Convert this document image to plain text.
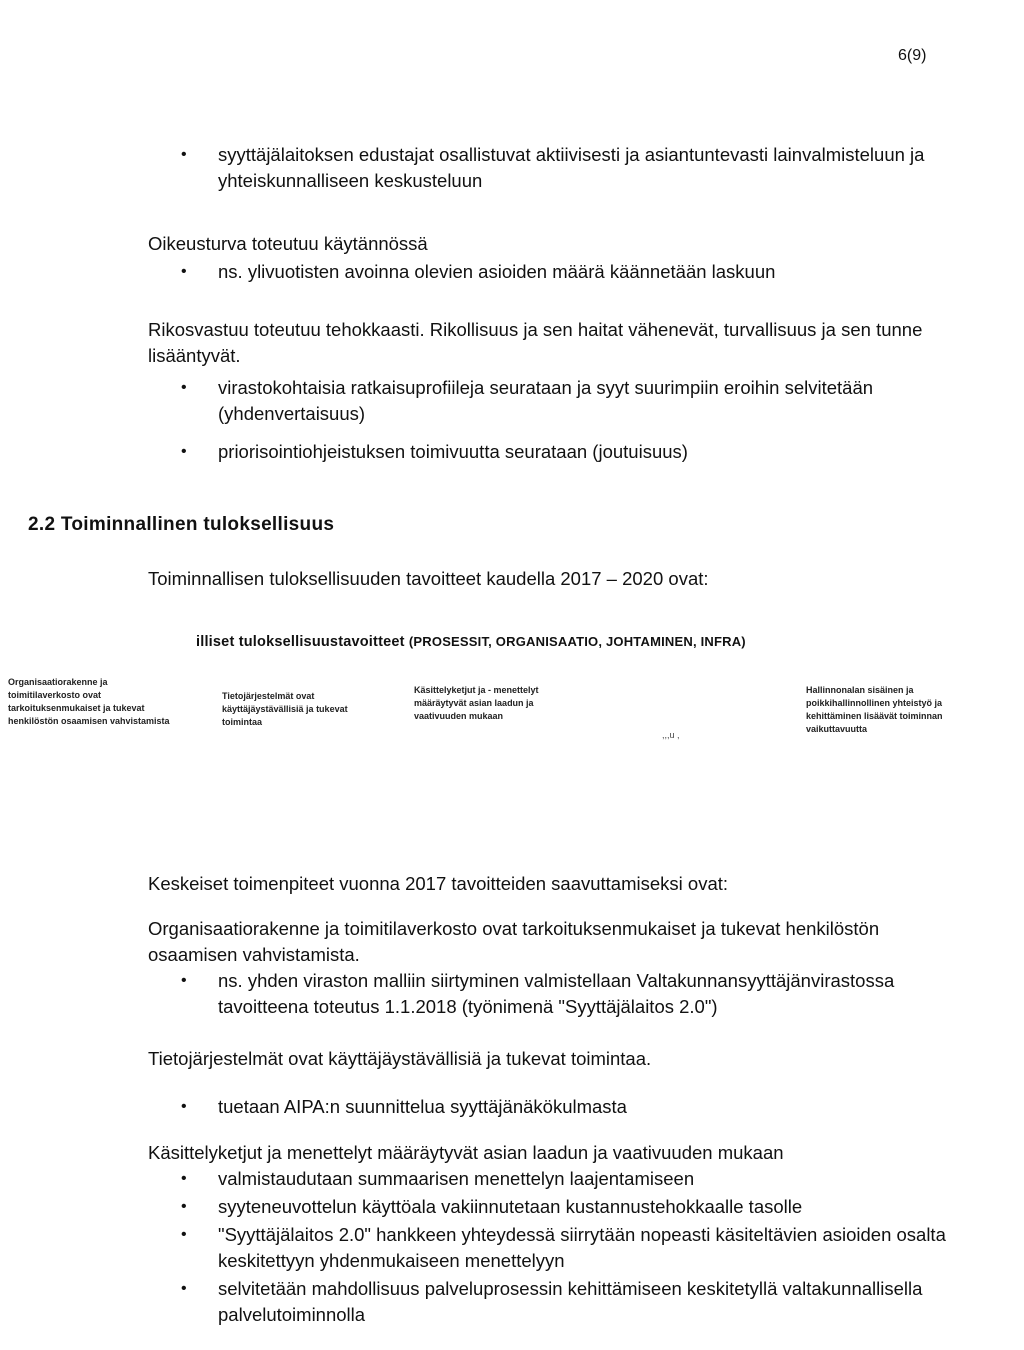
6(9)
• syyttäjälaitoksen edustajat osallistuvat aktiivisesti ja asiantuntevasti lainvalmisteluun ja yhteiskunnalliseen keskusteluun

Oikeusturva toteutuu käytännössä

• ns. ylivuotisten avoinna olevien asioiden määrä käännetään laskuun

Rikosvastuu toteutuu tehokkaasti. Rikollisuus ja sen haitat vähenevät, turvallisuus ja sen tunne lisääntyvät.

• virastokohtaisia ratkaisuprofiileja seurataan ja syyt suurimpiin eroihin selvitetään (yhdenvertaisuus)
• priorisointiohjeistuksen toimivuutta seurataan (joutuisuus)
2.2 Toiminnallinen tuloksellisuus

Toiminnallisen tuloksellisuuden tavoitteet kaudella 2017 – 2020 ovat:

illiset tuloksellisuustavoitteet (PROSESSIT, ORGANISAATIO, JOHTAMINEN, INFRA)
Organisaatiorakenne ja toimitilaverkosto ovat tarkoituksenmukaiset ja tukevat henkilöstön osaamisen vahvistamista
Tietojärjestelmät ovat käyttäjäystävällisiä ja tukevat toimintaa
Käsittelyketjut ja - menettelyt määräytyvät asian laadun ja vaativuuden mukaan
,,,u ,
Hallinnonalan sisäinen ja poikkihallinnollinen yhteistyö ja kehittäminen lisäävät toiminnan vaikuttavuutta

Keskeiset toimenpiteet vuonna 2017 tavoitteiden saavuttamiseksi ovat:

Organisaatiorakenne ja toimitilaverkosto ovat tarkoituksenmukaiset ja tukevat henkilöstön osaamisen vahvistamista.

• ns. yhden viraston malliin siirtyminen valmistellaan Valtakunnansyyttäjänvirastossa tavoitteena toteutus 1.1.2018 (työnimenä "Syyttäjälaitos 2.0")

Tietojärjestelmät ovat käyttäjäystävällisiä ja tukevat toimintaa.

• tuetaan AIPA:n suunnittelua syyttäjänäkökulmasta

Käsittelyketjut ja menettelyt määräytyvät asian laadun ja vaativuuden mukaan

• valmistaudutaan summaarisen menettelyn laajentamiseen
• syyteneuvottelun käyttöala vakiinnutetaan kustannustehokkaalle tasolle
• "Syyttäjälaitos 2.0" hankkeen yhteydessä siirrytään nopeasti käsiteltävien asioiden osalta keskitettyyn yhdenmukaiseen menettelyyn
• selvitetään mahdollisuus palveluprosessin kehittämiseen keskitetyllä valtakunnallisella palvelutoiminnolla
